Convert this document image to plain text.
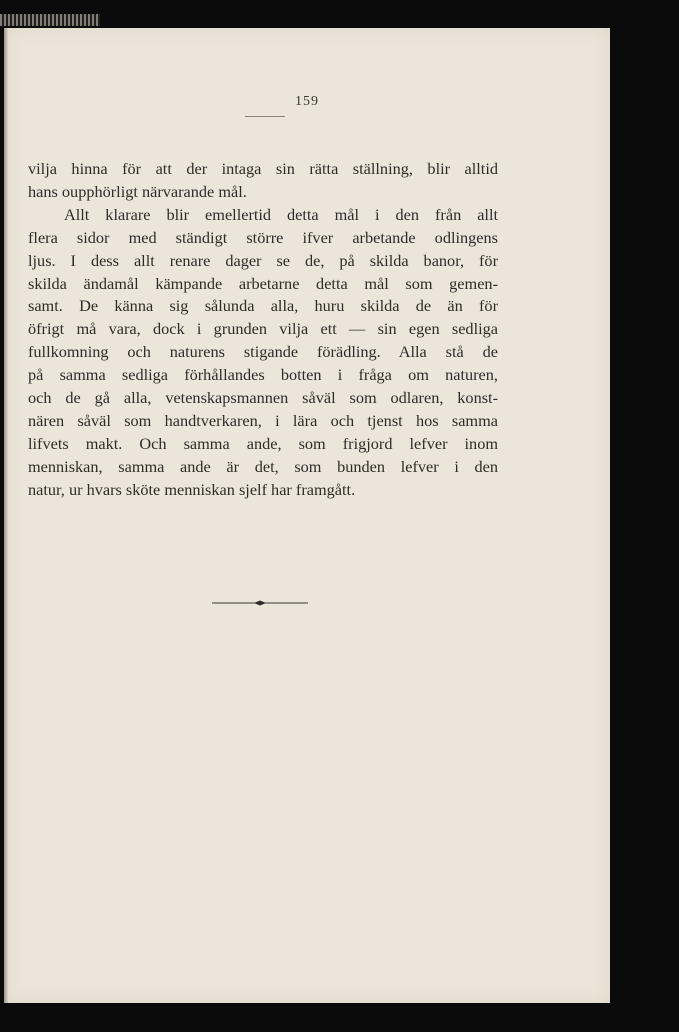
159
vilja hinna för att der intaga sin rätta ställning, blir alltid
hans oupphörligt närvarande mål.
Allt klarare blir emellertid detta mål i den från allt
flera sidor med ständigt större ifver arbetande odlingens
ljus. I dess allt renare dager se de, på skilda banor, för
skilda ändamål kämpande arbetarne detta mål som gemen-
samt. De känna sig sålunda alla, huru skilda de än för
öfrigt må vara, dock i grunden vilja ett — sin egen sedliga
fullkomning och naturens stigande förädling. Alla stå de
på samma sedliga förhållandes botten i fråga om naturen,
och de gå alla, vetenskapsmannen såväl som odlaren, konst-
nären såväl som handtverkaren, i lära och tjenst hos samma
lifvets makt. Och samma ande, som frigjord lefver inom
menniskan, samma ande är det, som bunden lefver i den
natur, ur hvars sköte menniskan sjelf har framgått.
